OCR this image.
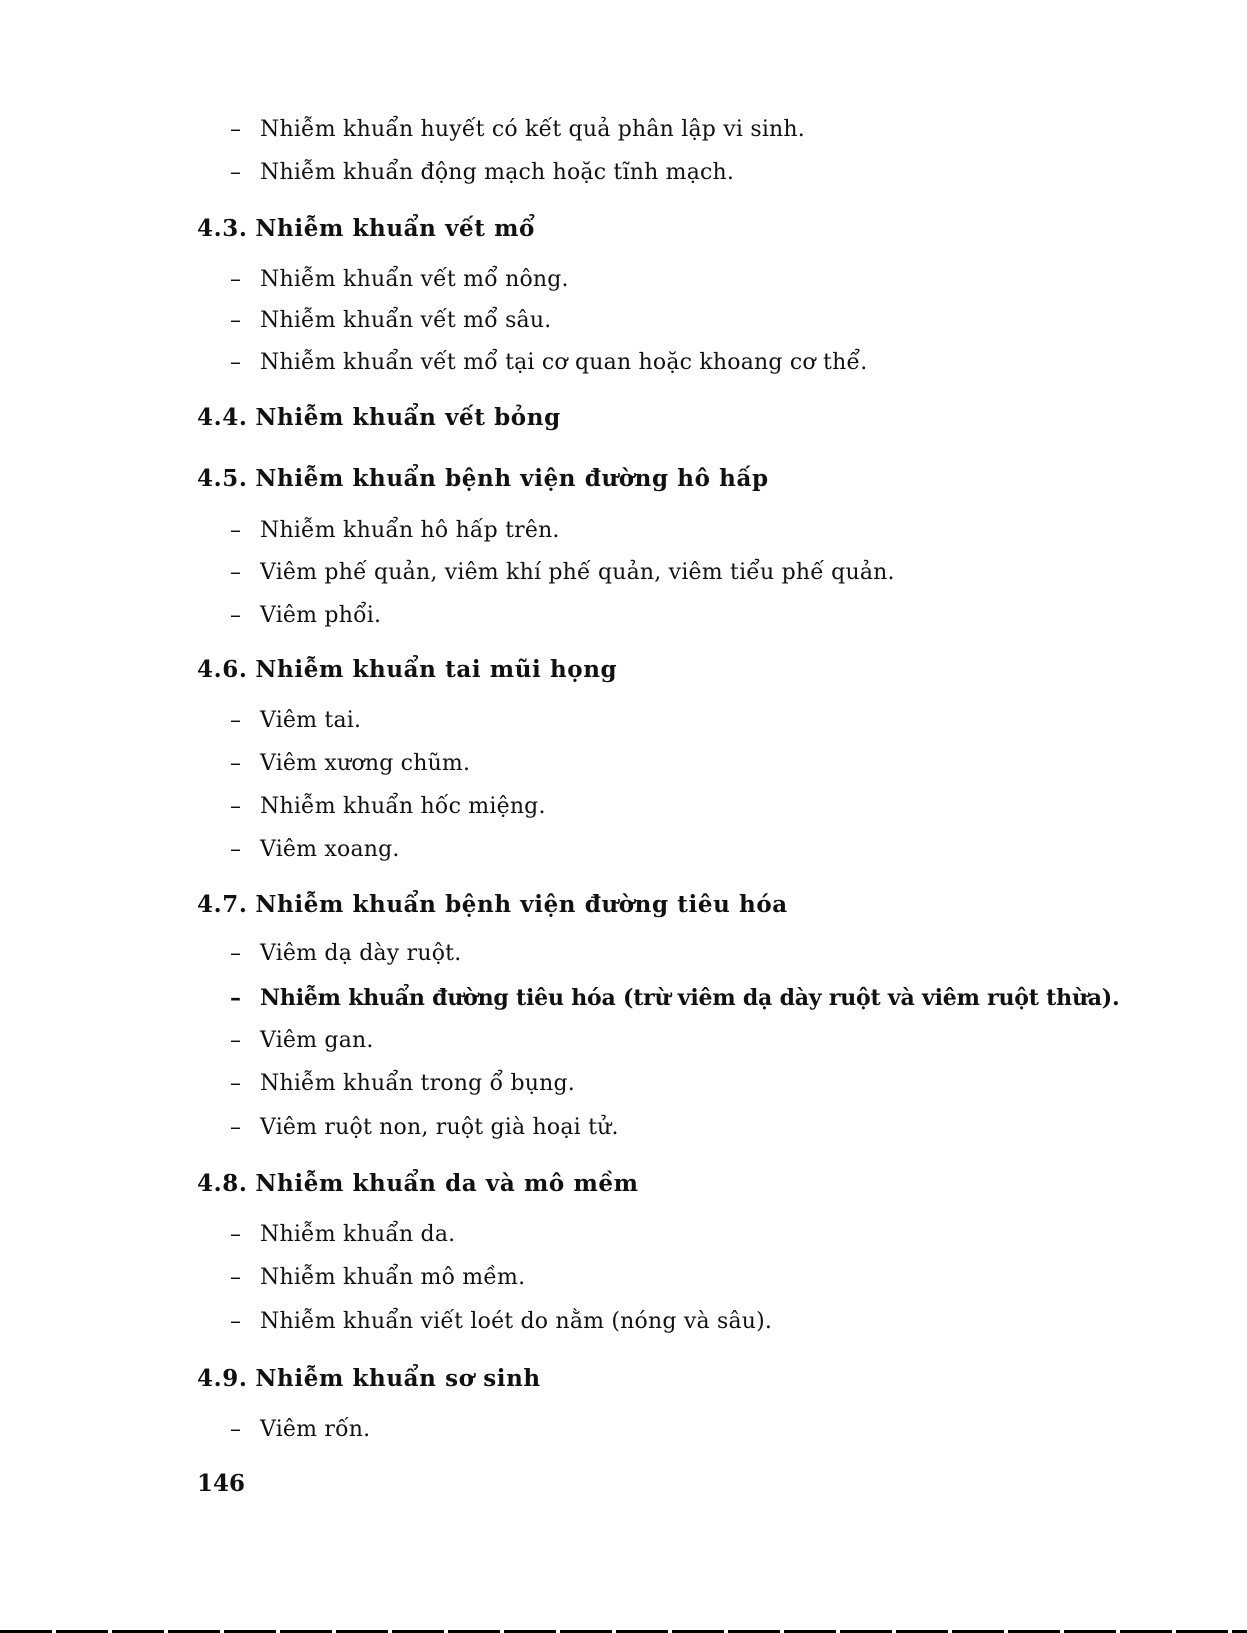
– Nhiễm khuẩn huyết có kết quả phân lập vi sinh.
– Nhiễm khuẩn động mạch hoặc tĩnh mạch.
4.3. Nhiễm khuẩn vết mổ
– Nhiễm khuẩn vết mổ nông.
– Nhiễm khuẩn vết mổ sâu.
– Nhiễm khuẩn vết mổ tại cơ quan hoặc khoang cơ thể.
4.4. Nhiễm khuẩn vết bỏng
4.5. Nhiễm khuẩn bệnh viện đường hô hấp
– Nhiễm khuẩn hô hấp trên.
– Viêm phế quản, viêm khí phế quản, viêm tiểu phế quản.
– Viêm phổi.
4.6. Nhiễm khuẩn tai mũi họng
– Viêm tai.
– Viêm xương chũm.
– Nhiễm khuẩn hốc miệng.
– Viêm xoang.
4.7. Nhiễm khuẩn bệnh viện đường tiêu hóa
– Viêm dạ dày ruột.
– Nhiễm khuẩn đường tiêu hóa (trừ viêm dạ dày ruột và viêm ruột thừa).
– Viêm gan.
– Nhiễm khuẩn trong ổ bụng.
– Viêm ruột non, ruột già hoại tử.
4.8. Nhiễm khuẩn da và mô mềm
– Nhiễm khuẩn da.
– Nhiễm khuẩn mô mềm.
– Nhiễm khuẩn viết loét do nằm (nóng và sâu).
4.9. Nhiễm khuẩn sơ sinh
– Viêm rốn.
146
